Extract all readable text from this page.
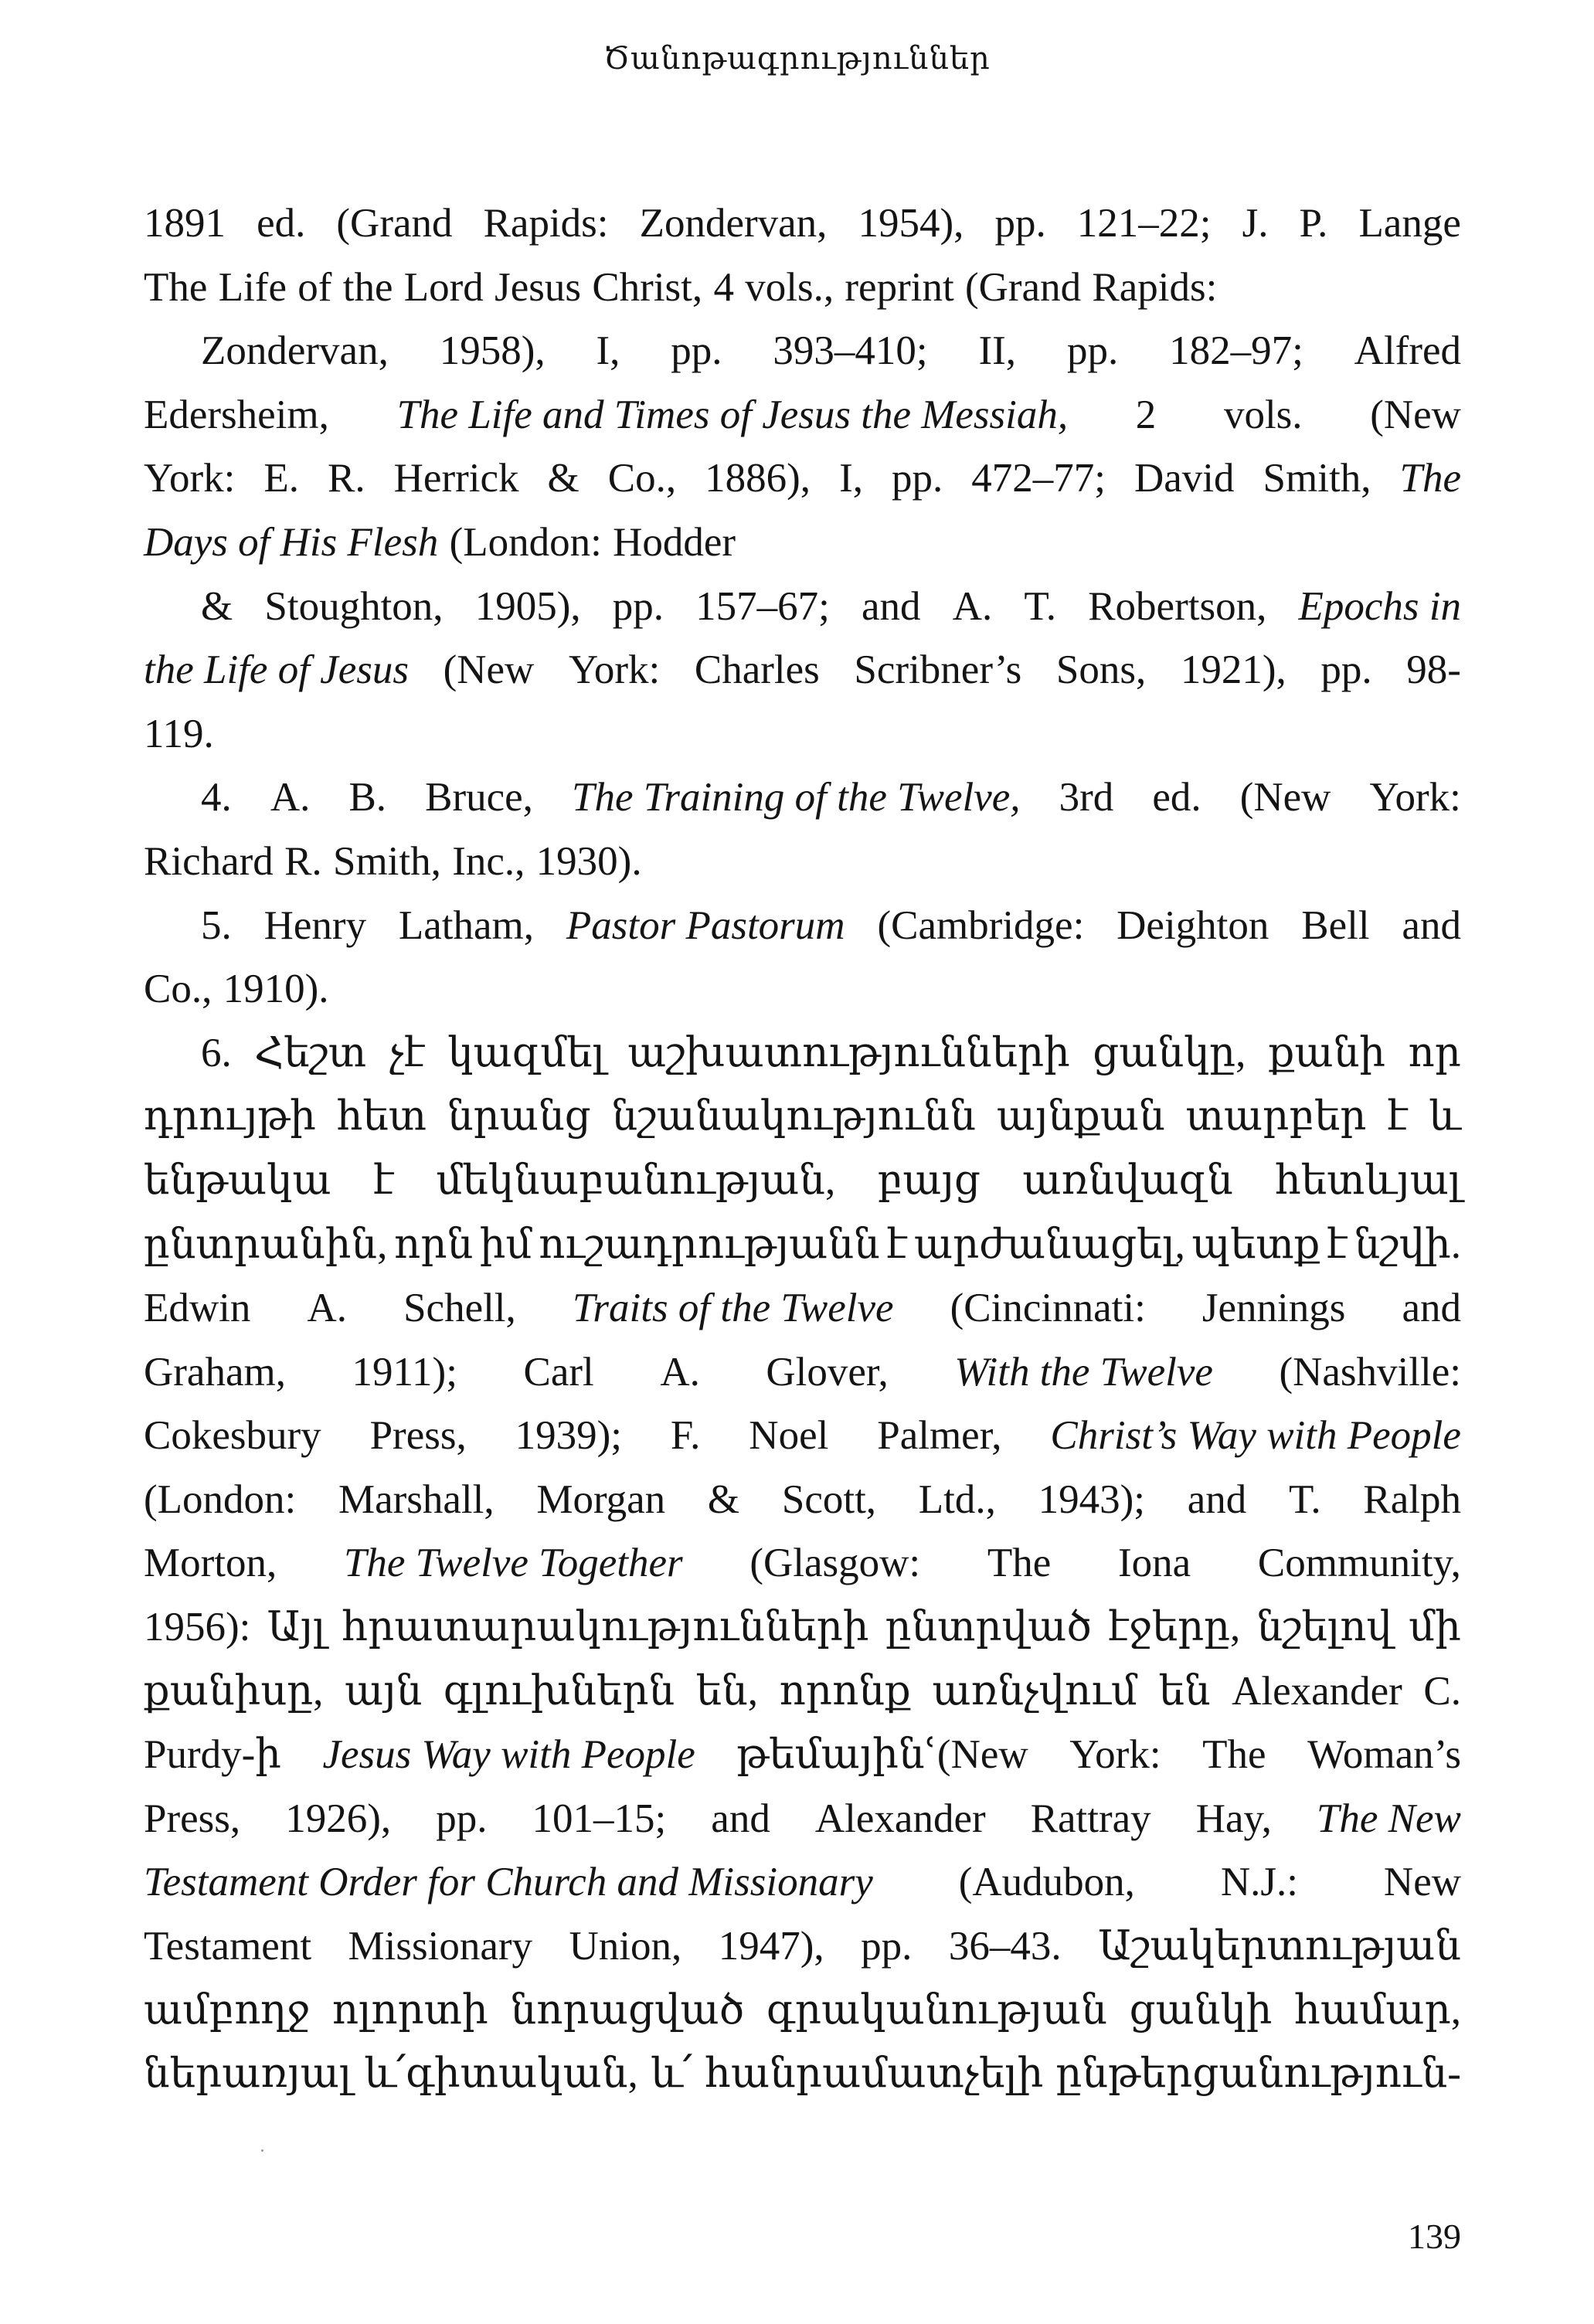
Ծանոթագրություններ
1891 ed. (Grand Rapids: Zondervan, 1954), pp. 121–22; J. P. Lange
The Life of the Lord Jesus Christ, 4 vols., reprint (Grand Rapids:
Zondervan, 1958), I, pp. 393–410; II, pp. 182–97; Alfred
Edersheim, The Life and Times of Jesus the Messiah, 2 vols. (New
York: E. R. Herrick & Co., 1886), I, pp. 472–77; David Smith, The
Days of His Flesh (London: Hodder
& Stoughton, 1905), pp. 157–67; and A. T. Robertson, Epochs in
the Life of Jesus (New York: Charles Scribner’s Sons, 1921), pp. 98-
119.
4. A. B. Bruce, The Training of the Twelve, 3rd ed. (New York:
Richard R. Smith, Inc., 1930).
5. Henry Latham, Pastor Pastorum (Cambridge: Deighton Bell and
Co., 1910).
6. Հեշտ չէ կազմել աշխատությունների ցանկը, քանի որ
դրույթի հետ նրանց նշանակությունն այնքան տարբեր է և
ենթակա է մեկնաբանության, բայց առնվազն հետևյալ
ընտրանին, որն իմ ուշադրությանն է արժանացել, պետք է նշվի.
Edwin A. Schell, Traits of the Twelve (Cincinnati: Jennings and
Graham, 1911); Carl A. Glover, With the Twelve (Nashville:
Cokesbury Press, 1939); F. Noel Palmer, Christ’s Way with People
(London: Marshall, Morgan & Scott, Ltd., 1943); and T. Ralph
Morton, The Twelve Together (Glasgow: The Iona Community,
1956): Այլ հրատարակությունների ընտրված էջերը, նշելով մի
քանիսը, այն գլուխներն են, որոնք առնչվում են Alexander C.
Purdy-ի Jesus Way with People թեմայինՙ(New York: The Woman’s
Press, 1926), pp. 101–15; and Alexander Rattray Hay, The New
Testament Order for Church and Missionary (Audubon, N.J.: New
Testament Missionary Union, 1947), pp. 36–43. Աշակերտության
ամբողջ ոլորտի նորացված գրականության ցանկի համար,
ներառյալ և՛գիտական, և՛ հանրամատչելի ընթերցանություն-
139
